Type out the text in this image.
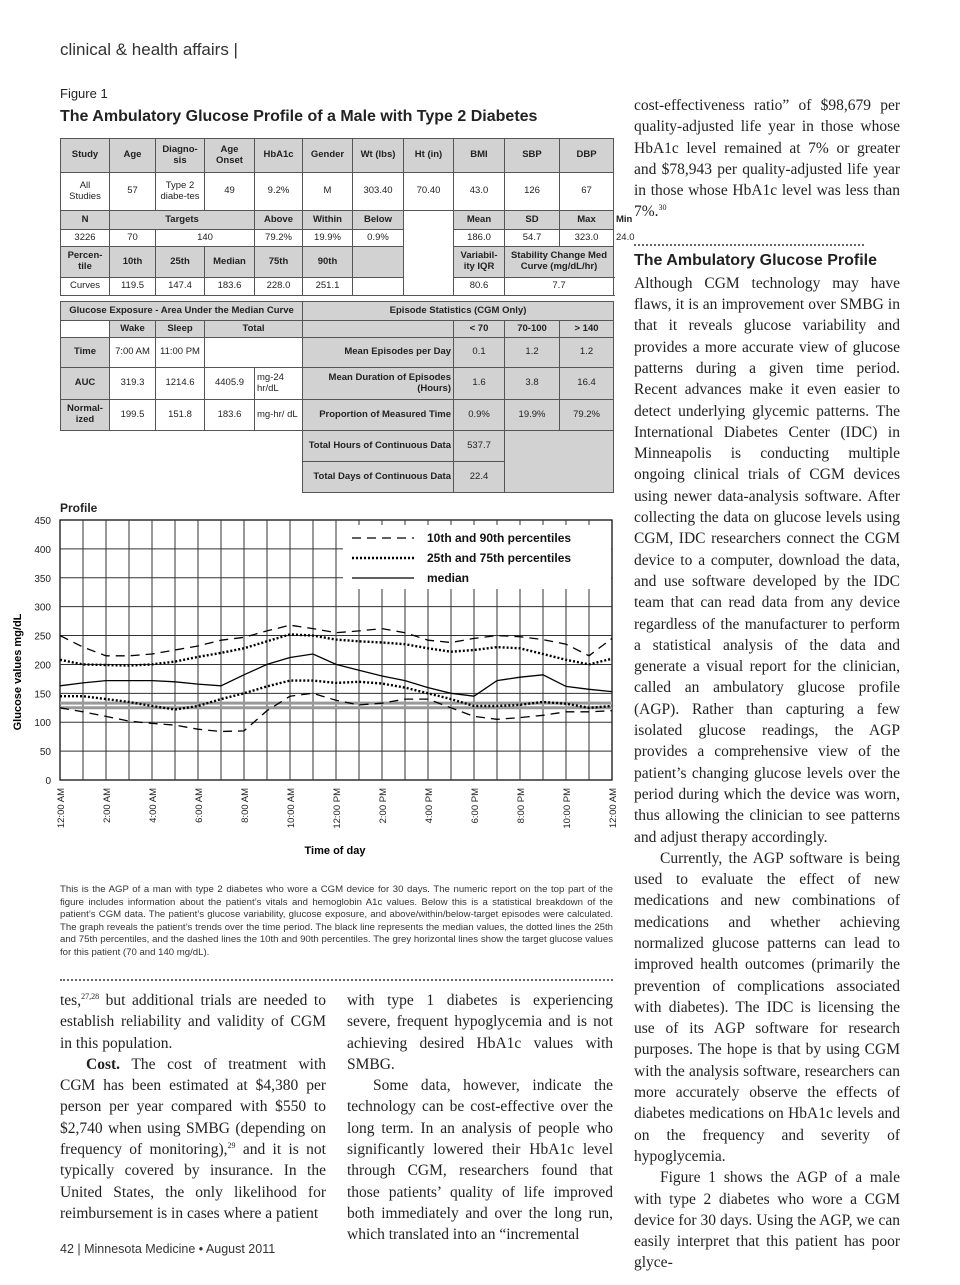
clinical & health affairs |
Figure 1
The Ambulatory Glucose Profile of a Male with Type 2 Diabetes
Study	Age	Diagno-sis	Age Onset	HbA1c	Gender	Wt (lbs)	Ht (in)	BMI	SBP	DBP	
All Studies	57	Type 2 diabe-tes	49	9.2%	M	303.40	70.40	43.0	126	67	
N	Targets			Above	Within	Below		Mean	SD	Max	Min
3226	70	140		79.2%	19.9%	0.9%		186.0	54.7	323.0	24.0
Percen-tile	10th	25th	Median	75th	90th			Variabil-ity IQR	Stability Change Med Curve (mg/dL/hr)		
Curves	119.5	147.4	183.6	228.0	251.1			80.6	7.7		
Glucose Exposure - Area Under the Median Curve					Episode Statistics (CGM Only)			
	Wake	Sleep	Total			< 70	70-100	> 140
Time	7:00 AM	11:00 PM			Mean Episodes per Day	0.1	1.2	1.2
AUC	319.3	1214.6	4405.9	mg-24 hr/dL	Mean Duration of Episodes (Hours)	1.6	3.8	16.4
Normal-ized	199.5	151.8	183.6	mg-hr/ dL	Proportion of Measured Time	0.9%	19.9%	79.2%
					Total Hours of Continuous Data	537.7		
					Total Days of Continuous Data	22.4		
Profile
0
50
100
150
200
250
300
350
400
450
12:00 AM	2:00 AM	4:00 AM	6:00 AM	8:00 AM	10:00 AM	12:00 PM	2:00 PM	4:00 PM	6:00 PM	8:00 PM	10:00 PM	12:00 AM
10th and 90th percentiles
25th and 75th percentiles
median
Glucose values mg/dL
Time of day
This is the AGP of a man with type 2 diabetes who wore a CGM device for 30 days. The numeric report on the top part of the figure includes information about the patient’s vitals and hemoglobin A1c values. Below this is a statistical breakdown of the patient’s CGM data. The patient’s glucose variability, glucose exposure, and above/within/below-target episodes were calculated. The graph reveals the patient’s trends over the time period. The black line represents the median values, the dotted lines the 25th and 75th percentiles, and the dashed lines the 10th and 90th percentiles. The grey horizontal lines show the target glucose values for this patient (70 and 140 mg/dL).

tes,$^{27,28}$ but additional trials are needed to establish reliability and validity of CGM in this population.

Cost. The cost of treatment with CGM has been estimated at $4,380 per person per year compared with $550 to $2,740 when using SMBG (depending on frequency of monitoring),$^{29}$ and it is not typically covered by insurance. In the United States, the only likelihood for reimbursement is in cases where a patient

with type 1 diabetes is experiencing severe, frequent hypoglycemia and is not achieving desired HbA1c values with SMBG.

Some data, however, indicate the technology can be cost-effective over the long term. In an analysis of people who significantly lowered their HbA1c level through CGM, researchers found that those patients’ quality of life improved both immediately and over the long run, which translated into an “incremental

cost-effectiveness ratio” of $98,679 per quality-adjusted life year in those whose HbA1c level remained at 7% or greater and $78,943 per quality-adjusted life year in those whose HbA1c level was less than 7%.$^{30}$

The Ambulatory Glucose Profile

Although CGM technology may have flaws, it is an improvement over SMBG in that it reveals glucose variability and provides a more accurate view of glucose patterns during a given time period. Recent advances make it even easier to detect underlying glycemic patterns. The International Diabetes Center (IDC) in Minneapolis is conducting multiple ongoing clinical trials of CGM devices using newer data-analysis software. After collecting the data on glucose levels using CGM, IDC researchers connect the CGM device to a computer, download the data, and use software developed by the IDC team that can read data from any device regardless of the manufacturer to perform a statistical analysis of the data and generate a visual report for the clinician, called an ambulatory glucose profile (AGP). Rather than capturing a few isolated glucose readings, the AGP provides a comprehensive view of the patient’s changing glucose levels over the period during which the device was worn, thus allowing the clinician to see patterns and adjust therapy accordingly.

Currently, the AGP software is being used to evaluate the effect of new medications and new combinations of medications and whether achieving normalized glucose patterns can lead to improved health outcomes (primarily the prevention of complications associated with diabetes). The IDC is licensing the use of its AGP software for research purposes. The hope is that by using CGM with the analysis software, researchers can more accurately observe the effects of diabetes medications on HbA1c levels and on the frequency and severity of hypoglycemia.

Figure 1 shows the AGP of a male with type 2 diabetes who wore a CGM device for 30 days. Using the AGP, we can easily interpret that this patient has poor glyce-

42 | Minnesota Medicine • August 2011
